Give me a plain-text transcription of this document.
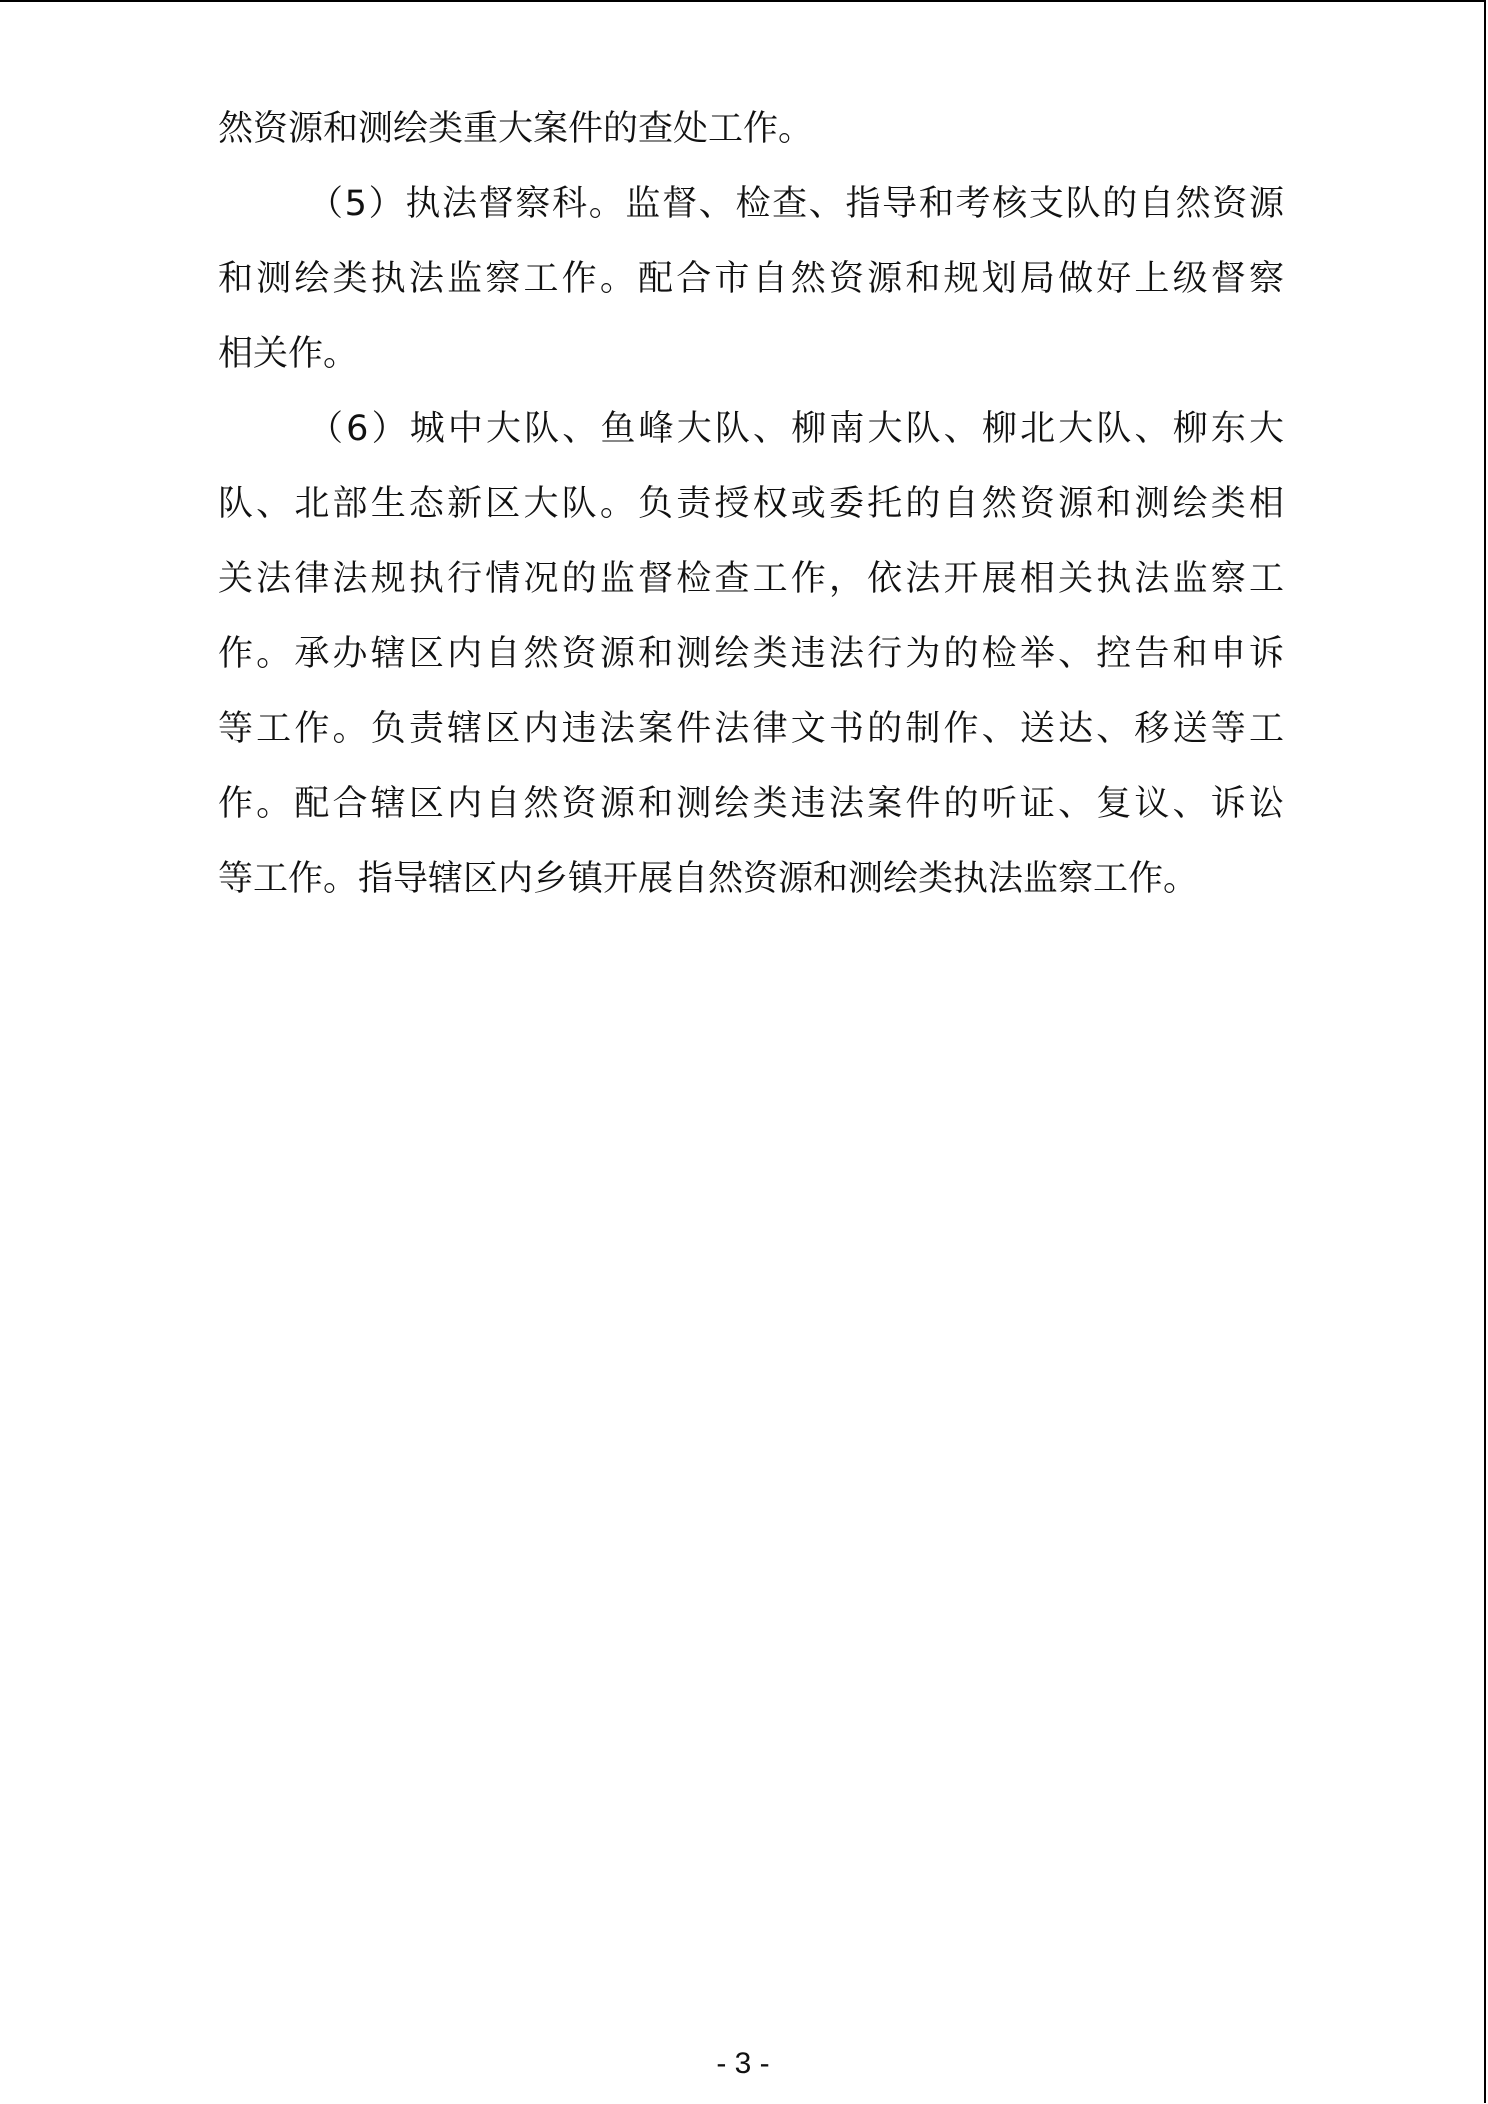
然资源和测绘类重大案件的查处工作。

（5）执法督察科。监督、检查、指导和考核支队的自然资源

和测绘类执法监察工作。配合市自然资源和规划局做好上级督察

相关作。

（6）城中大队、鱼峰大队、柳南大队、柳北大队、柳东大

队、北部生态新区大队。负责授权或委托的自然资源和测绘类相

关法律法规执行情况的监督检查工作，依法开展相关执法监察工

作。承办辖区内自然资源和测绘类违法行为的检举、控告和申诉

等工作。负责辖区内违法案件法律文书的制作、送达、移送等工

作。配合辖区内自然资源和测绘类违法案件的听证、复议、诉讼

等工作。指导辖区内乡镇开展自然资源和测绘类执法监察工作。

- 3 -
